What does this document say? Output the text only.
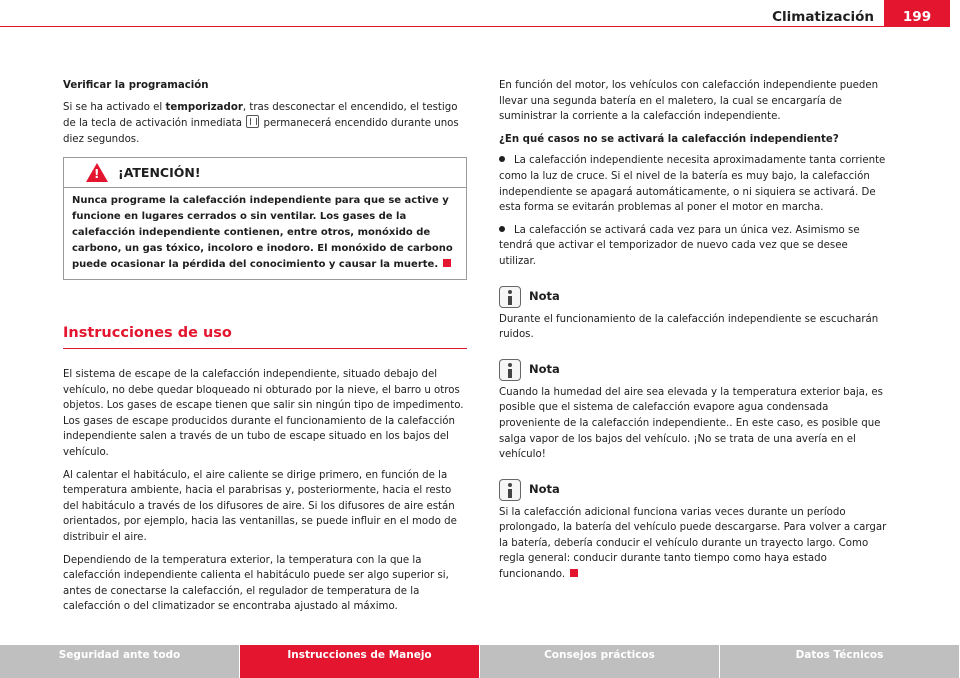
Climatización	199
Verificar la programación

Si se ha activado el temporizador, tras desconectar el encendido, el testigo de la tecla de activación inmediata  permanecerá encendido durante unos diez segundos.

!
¡ATENCIÓN!
Nunca programe la calefacción independiente para que se active y funcione en lugares cerrados o sin ventilar. Los gases de la calefacción independiente contienen, entre otros, monóxido de carbono, un gas tóxico, incoloro e inodoro. El monóxido de carbono puede ocasionar la pérdida del conocimiento y causar la muerte.
Instrucciones de uso

El sistema de escape de la calefacción independiente, situado debajo del vehículo, no debe quedar bloqueado ni obturado por la nieve, el barro u otros objetos. Los gases de escape tienen que salir sin ningún tipo de impedimento. Los gases de escape producidos durante el funcionamiento de la calefacción independiente salen a través de un tubo de escape situado en los bajos del vehículo.

Al calentar el habitáculo, el aire caliente se dirige primero, en función de la temperatura ambiente, hacia el parabrisas y, posteriormente, hacia el resto del habitáculo a través de los difusores de aire. Si los difusores de aire están orientados, por ejemplo, hacia las ventanillas, se puede influir en el modo de distribuir el aire.

Dependiendo de la temperatura exterior, la temperatura con la que la calefacción independiente calienta el habitáculo puede ser algo superior si, antes de conectarse la calefacción, el regulador de temperatura de la calefacción o del climatizador se encontraba ajustado al máximo.

En función del motor, los vehículos con calefacción independiente pueden llevar una segunda batería en el maletero, la cual se encargaría de suministrar la corriente a la calefacción independiente.

¿En qué casos no se activará la calefacción independiente?

La calefacción independiente necesita aproximadamente tanta corriente como la luz de cruce. Si el nivel de la batería es muy bajo, la calefacción independiente se apagará automáticamente, o ni siquiera se activará. De esta forma se evitarán problemas al poner el motor en marcha.

La calefacción se activará cada vez para un única vez. Asimismo se tendrá que activar el temporizador de nuevo cada vez que se desee utilizar.

Nota

Durante el funcionamiento de la calefacción independiente se escucharán ruidos.

Nota

Cuando la humedad del aire sea elevada y la temperatura exterior baja, es posible que el sistema de calefacción evapore agua condensada proveniente de la calefacción independiente.. En este caso, es posible que salga vapor de los bajos del vehículo. ¡No se trata de una avería en el vehículo!

Nota

Si la calefacción adicional funciona varias veces durante un período prolongado, la batería del vehículo puede descargarse. Para volver a cargar la batería, debería conducir el vehículo durante un trayecto largo. Como regla general: conducir durante tanto tiempo como haya estado funcionando.

Seguridad ante todo	Instrucciones de Manejo	Consejos prácticos	Datos Técnicos
